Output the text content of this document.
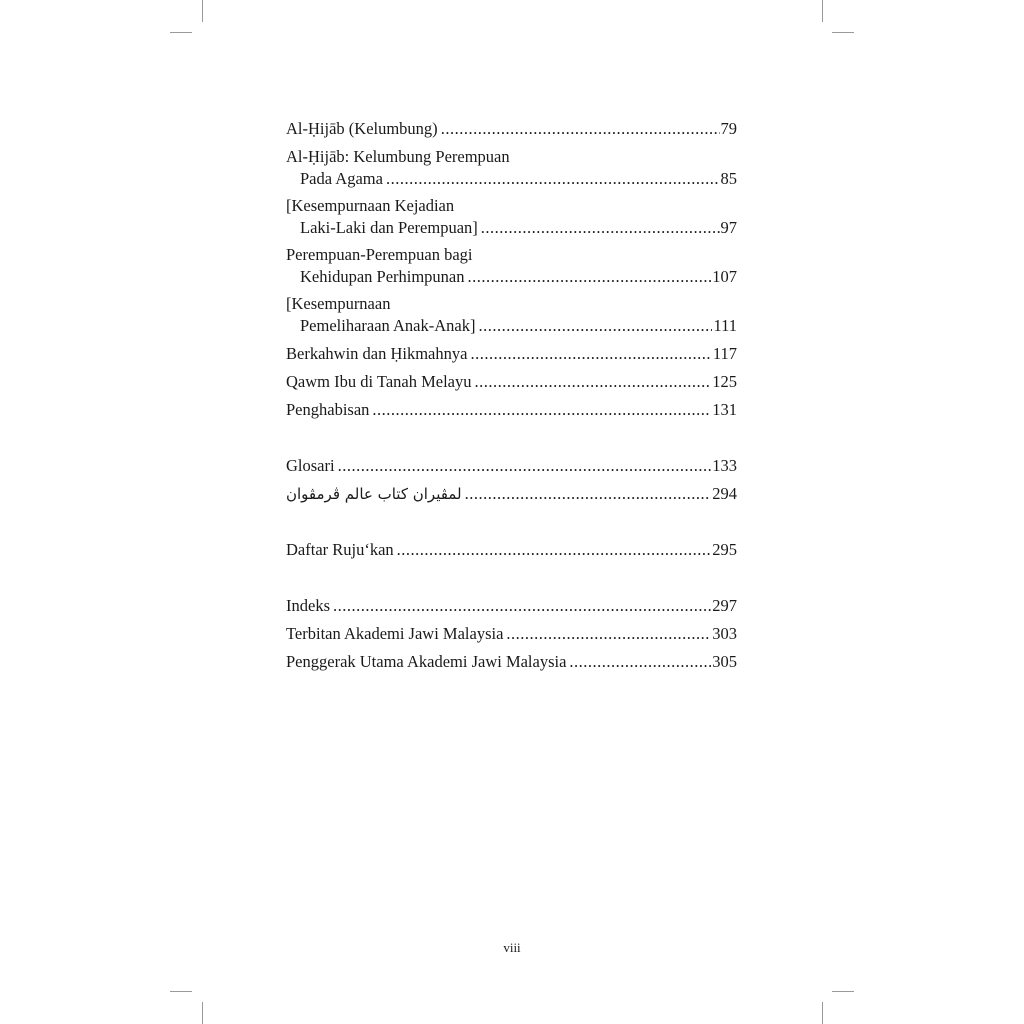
Al-Ḥijāb (Kelumbung) .....	79
Al-Ḥijāb: Kelumbung Perempuan
Pada Agama .....	85
[Kesempurnaan Kejadian
Laki-Laki dan Perempuan] .....	97
Perempuan-Perempuan bagi
Kehidupan Perhimpunan .....	107
[Kesempurnaan
Pemeliharaan Anak-Anak] .....	111
Berkahwin dan Ḥikmahnya .....	117
Qawm Ibu di Tanah Melayu .....	125
Penghabisan .....	131
Glosari .....	133
لمڤيران كتاب عالم ڤرمڤوان .....	294
Daftar Ruju‘kan .....	295
Indeks .....	297
Terbitan Akademi Jawi Malaysia .....	303
Penggerak Utama Akademi Jawi Malaysia .....	305
viii
